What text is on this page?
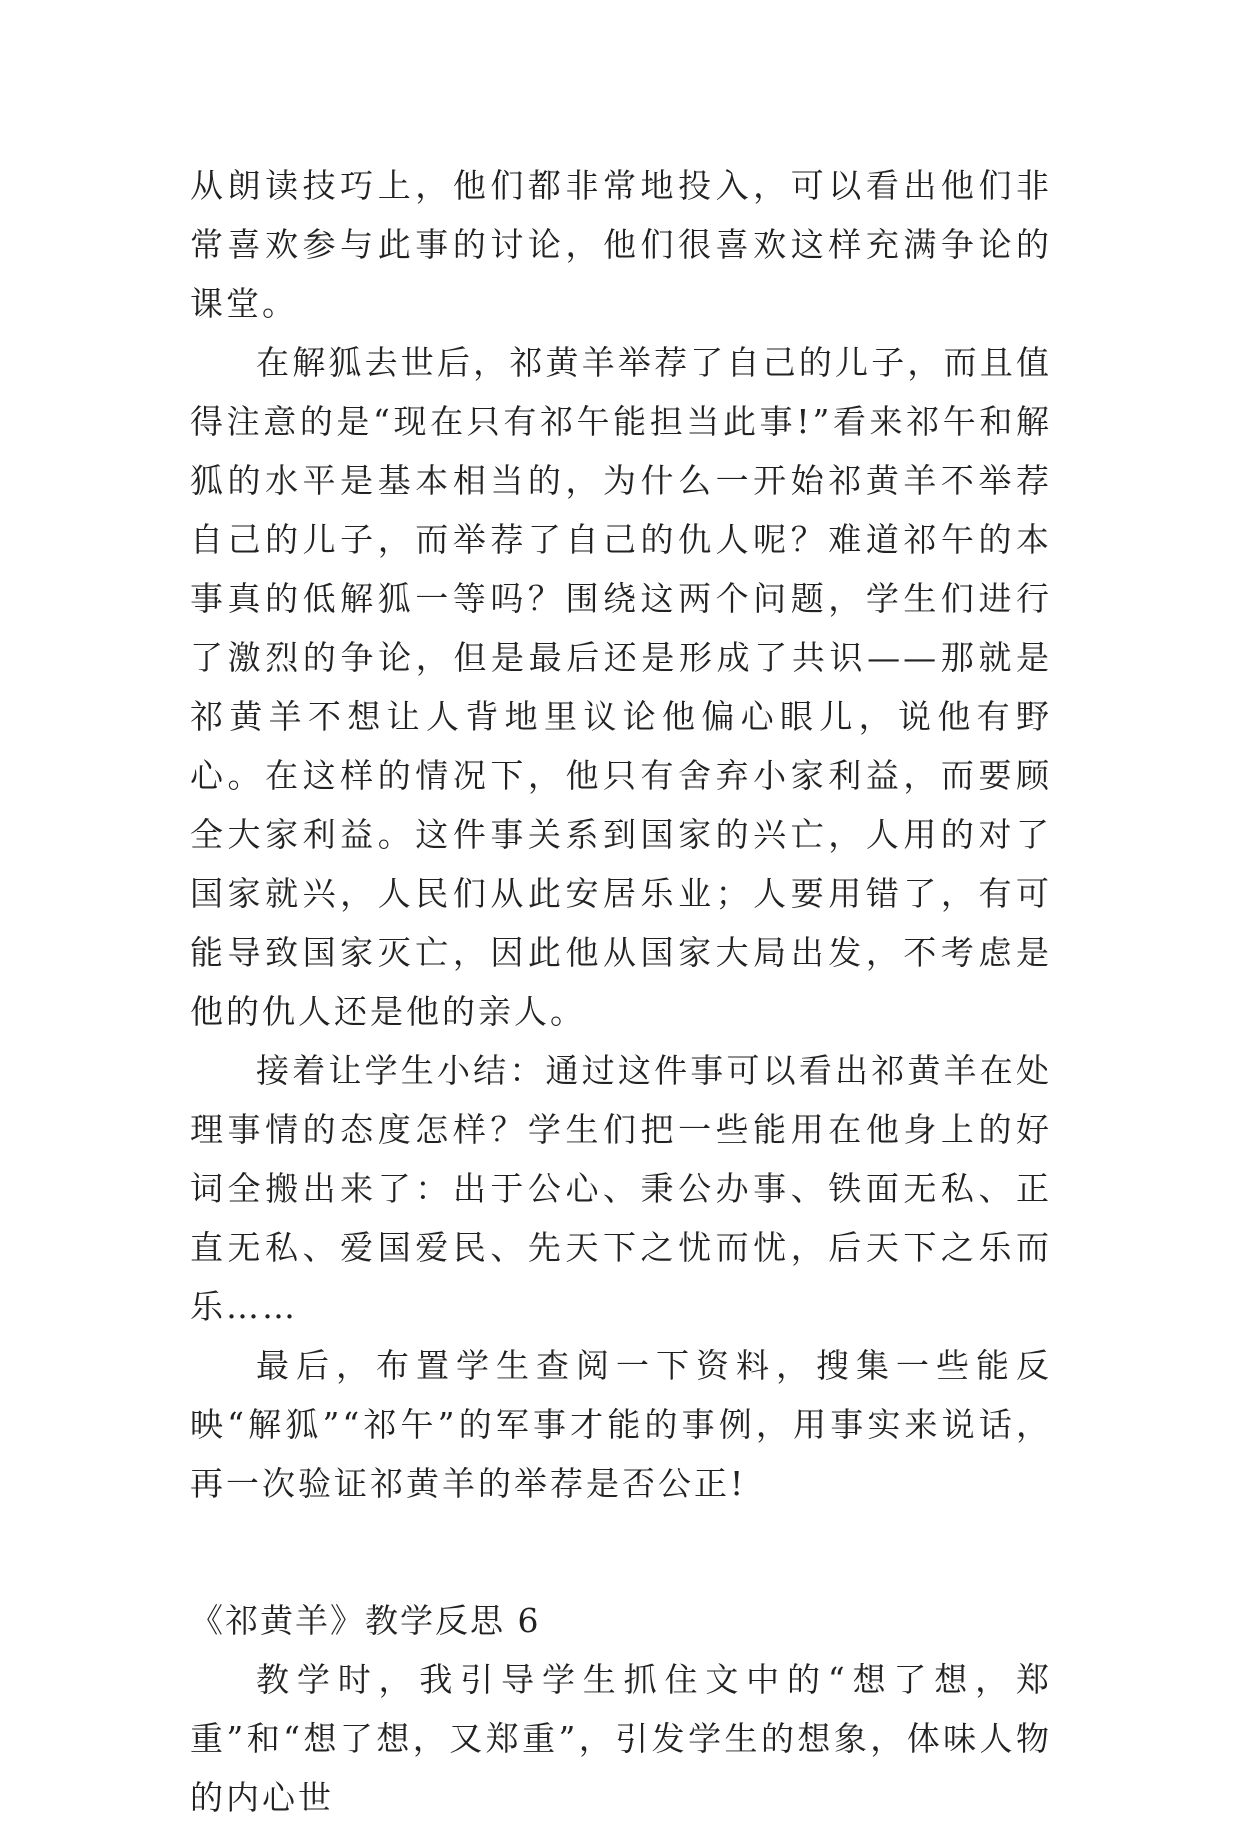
从朗读技巧上，他们都非常地投入，可以看出他们非常喜欢参与此事的讨论，他们很喜欢这样充满争论的课堂。

在解狐去世后，祁黄羊举荐了自己的儿子，而且值得注意的是“现在只有祁午能担当此事!”看来祁午和解狐的水平是基本相当的，为什么一开始祁黄羊不举荐自己的儿子，而举荐了自己的仇人呢？难道祁午的本事真的低解狐一等吗？围绕这两个问题，学生们进行了激烈的争论，但是最后还是形成了共识——那就是祁黄羊不想让人背地里议论他偏心眼儿，说他有野心。在这样的情况下，他只有舍弃小家利益，而要顾全大家利益。这件事关系到国家的兴亡，人用的对了国家就兴，人民们从此安居乐业；人要用错了，有可能导致国家灭亡，因此他从国家大局出发，不考虑是他的仇人还是他的亲人。

接着让学生小结：通过这件事可以看出祁黄羊在处理事情的态度怎样？学生们把一些能用在他身上的好词全搬出来了：出于公心、秉公办事、铁面无私、正直无私、爱国爱民、先天下之忧而忧，后天下之乐而乐……

最后，布置学生查阅一下资料，搜集一些能反映“解狐”“祁午”的军事才能的事例，用事实来说话，再一次验证祁黄羊的举荐是否公正!

《祁黄羊》教学反思 6

教学时，我引导学生抓住文中的“想了想，郑重”和“想了想，又郑重”，引发学生的想象，体味人物的内心世
